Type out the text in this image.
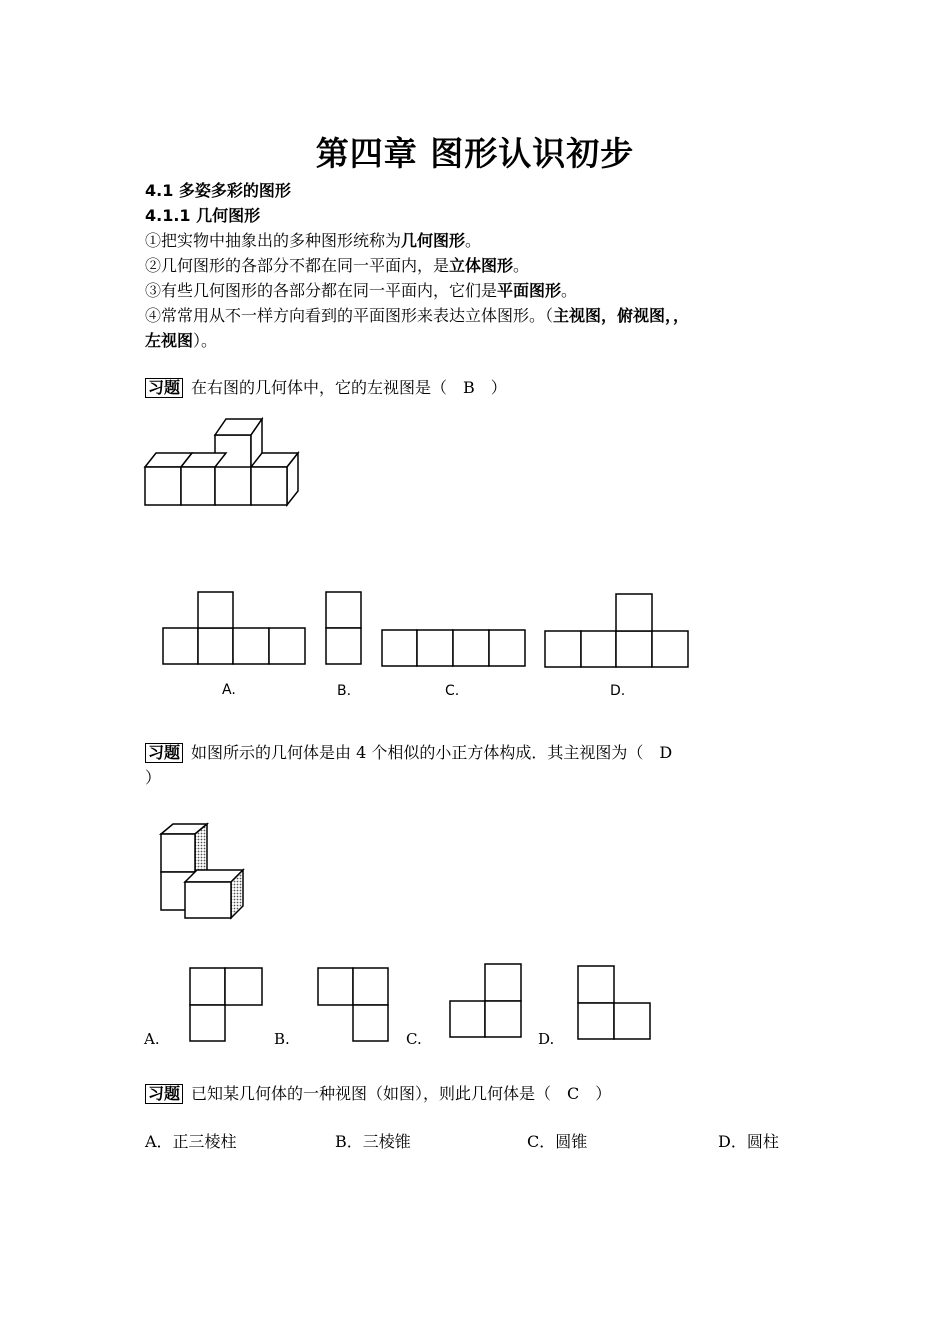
第四章 图形认识初步
4.1 多姿多彩的图形
4.1.1 几何图形
①把实物中抽象出的多种图形统称为几何图形。
②几何图形的各部分不都在同一平面内，是立体图形。
③有些几何图形的各部分都在同一平面内，它们是平面图形。
④常常用从不一样方向看到的平面图形来表达立体图形。（主视图，俯视图，，
左视图）。
习题 在右图的几何体中，它的左视图是（　B　）
A.	B.	C.	D.
习题 如图所示的几何体是由 4 个相似的小正方体构成．其主视图为（　D
）
A.	B.	C.	D.
习题 已知某几何体的一种视图（如图），则此几何体是（　C　）
A．正三棱柱	B．三棱锥	C．圆锥	D．圆柱
